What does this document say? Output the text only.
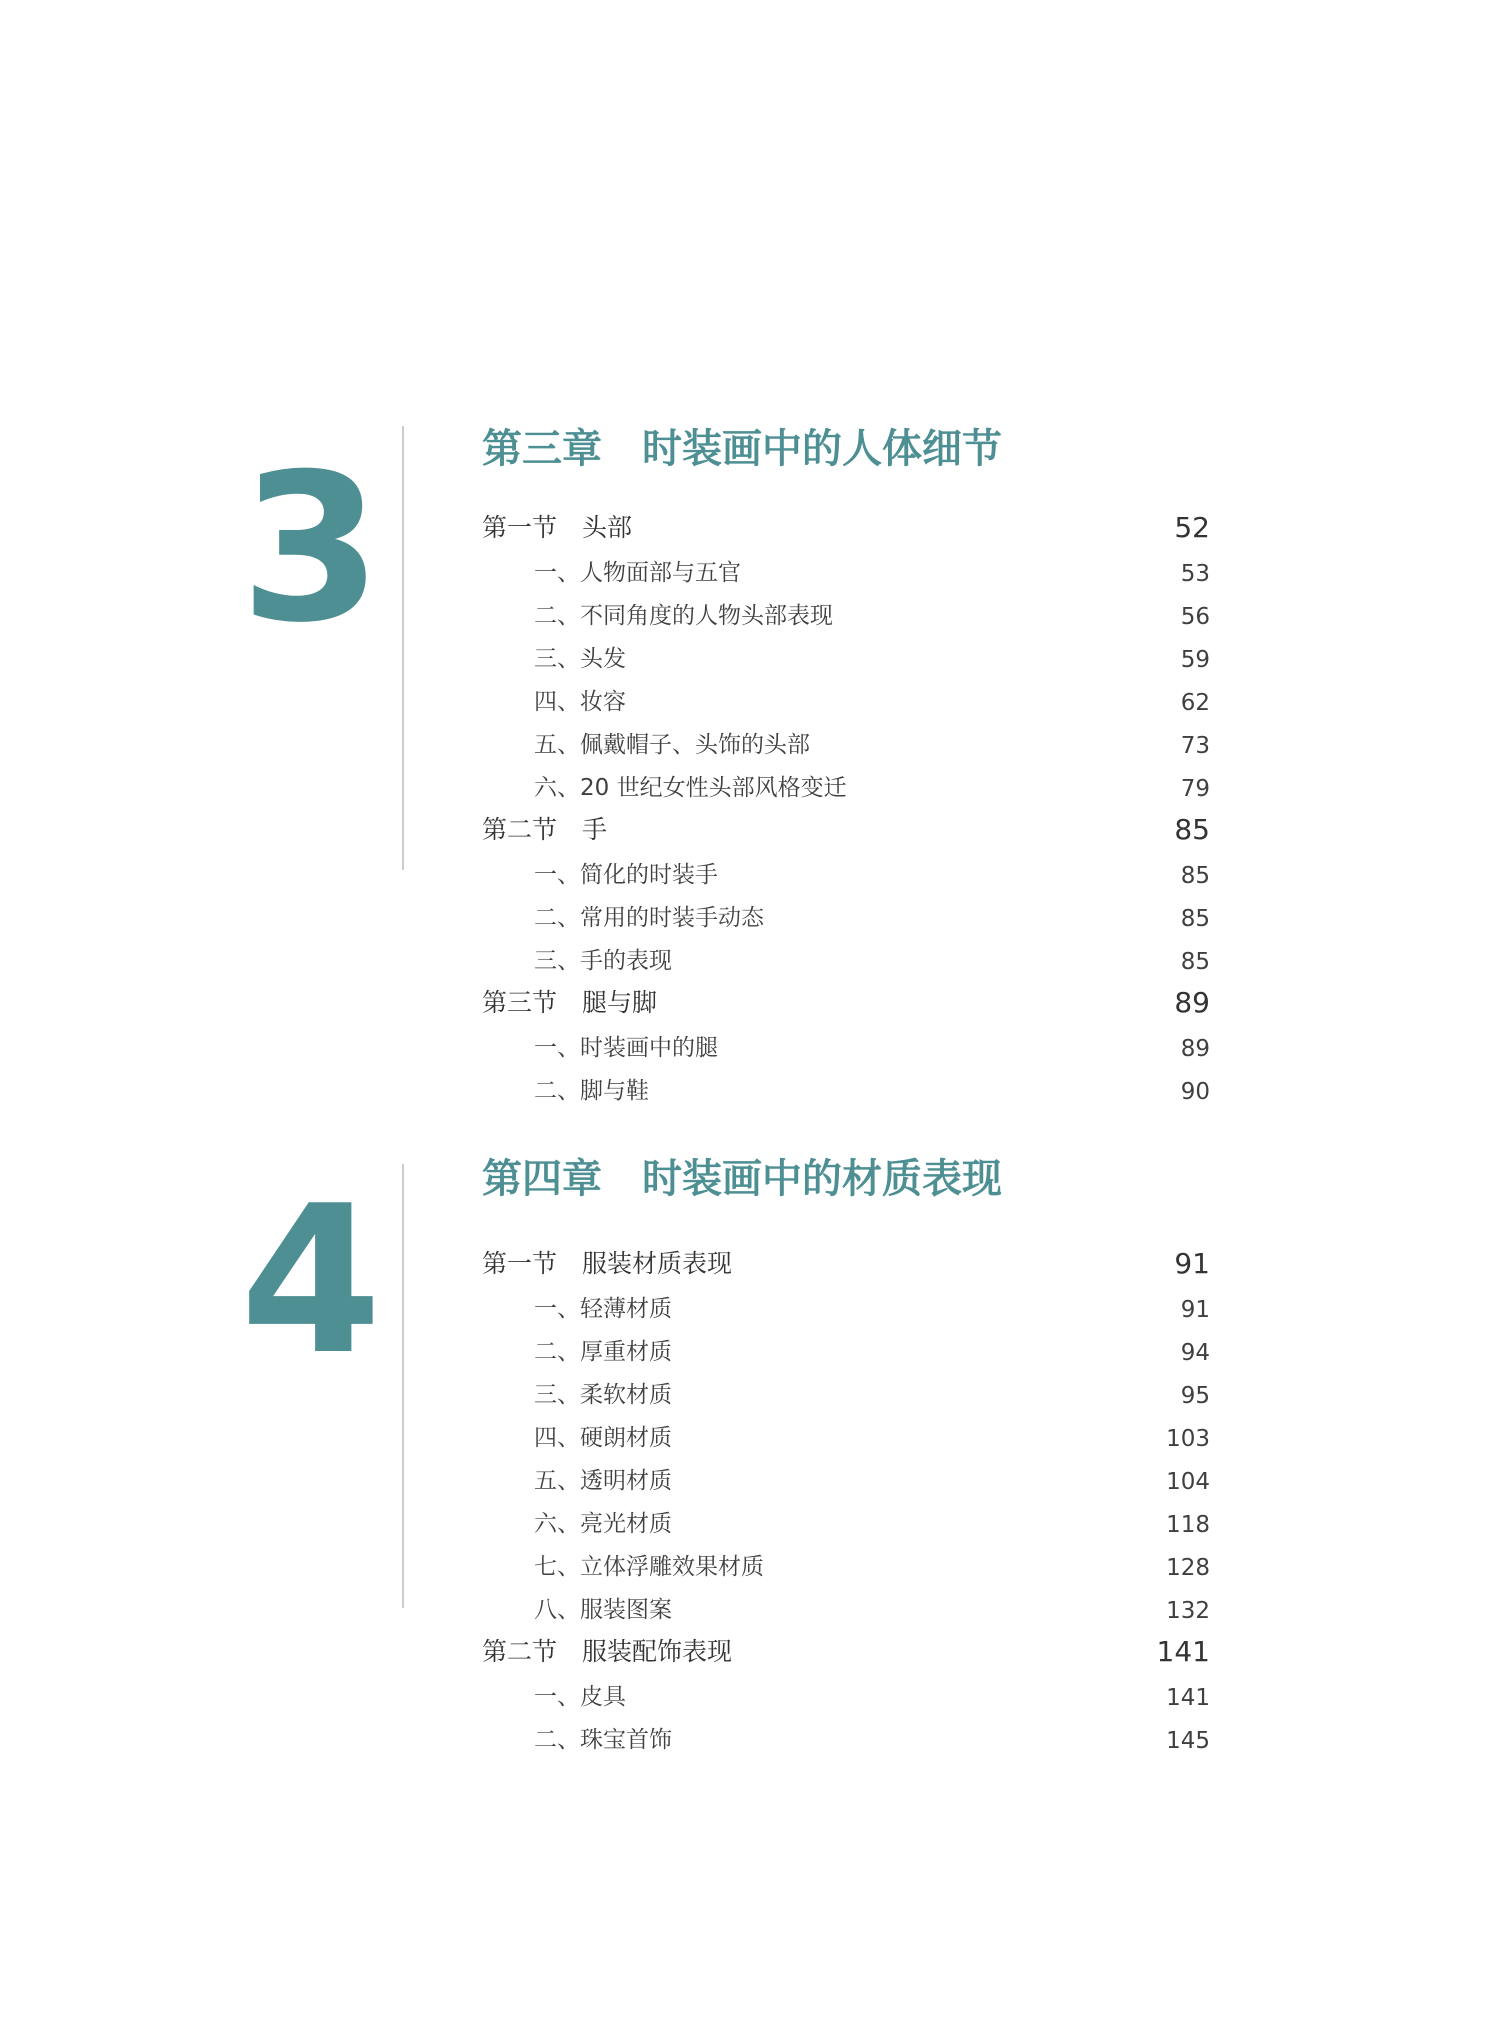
3	第三章　时装画中的人体细节
第一节　头部	52
一、人物面部与五官	53
二、不同角度的人物头部表现	56
三、头发	59
四、妆容	62
五、佩戴帽子、头饰的头部	73
六、20 世纪女性头部风格变迁	79
第二节　手	85
一、简化的时装手	85
二、常用的时装手动态	85
三、手的表现	85
第三节　腿与脚	89
一、时装画中的腿	89
二、脚与鞋	90
4	第四章　时装画中的材质表现
第一节　服装材质表现	91
一、轻薄材质	91
二、厚重材质	94
三、柔软材质	95
四、硬朗材质	103
五、透明材质	104
六、亮光材质	118
七、立体浮雕效果材质	128
八、服装图案	132
第二节　服装配饰表现	141
一、皮具	141
二、珠宝首饰	145
